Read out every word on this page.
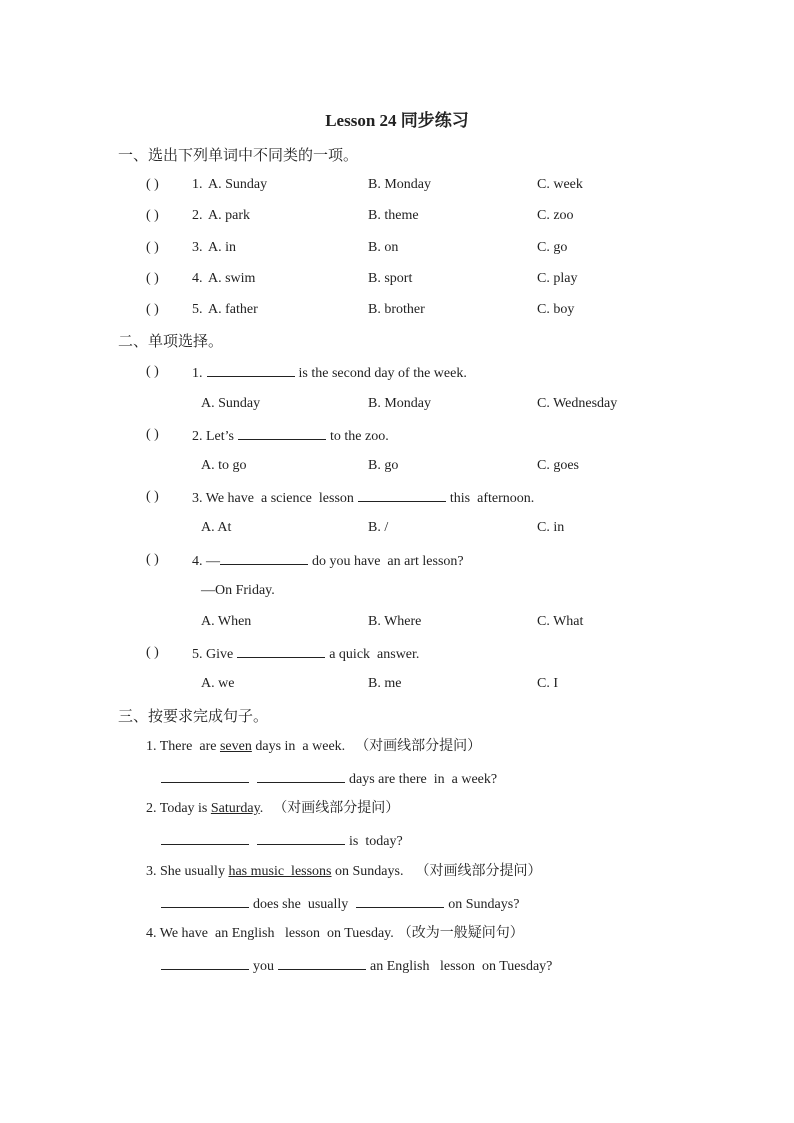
Lesson 24 同步练习
一、选出下列单词中不同类的一项。
( ) 1. A. Sunday	B. Monday	C. week
( ) 2. A. park	B. theme	C. zoo
( ) 3. A. in	B. on	C. go
( ) 4. A. swim	B. sport	C. play
( ) 5. A. father	B. brother	C. boy
二、单项选择。
( ) 1.	is the second day of the week.
A. Sunday	B. Monday	C. Wednesday
( ) 2. Let’s	to the zoo.
A. to go	B. go	C. goes
( ) 3. We have  a science  lesson	this  afternoon.
A. At	B. /	C. in
( ) 4. —	do you have  an art lesson?
—On Friday.
A. When	B. Where	C. What
( ) 5. Give	a quick  answer.
A. we	B. me	C. I
三、按要求完成句子。
1. There  are seven days in  a week. （对画线部分提问）
days are there  in  a week?
2. Today is Saturday. （对画线部分提问）
is  today?
3. She usually has music  lessons on Sundays. （对画线部分提问）
does she  usually	on Sundays?
4. We have  an English   lesson  on Tuesday. （改为一般疑问句）
you	an English   lesson  on Tuesday?
